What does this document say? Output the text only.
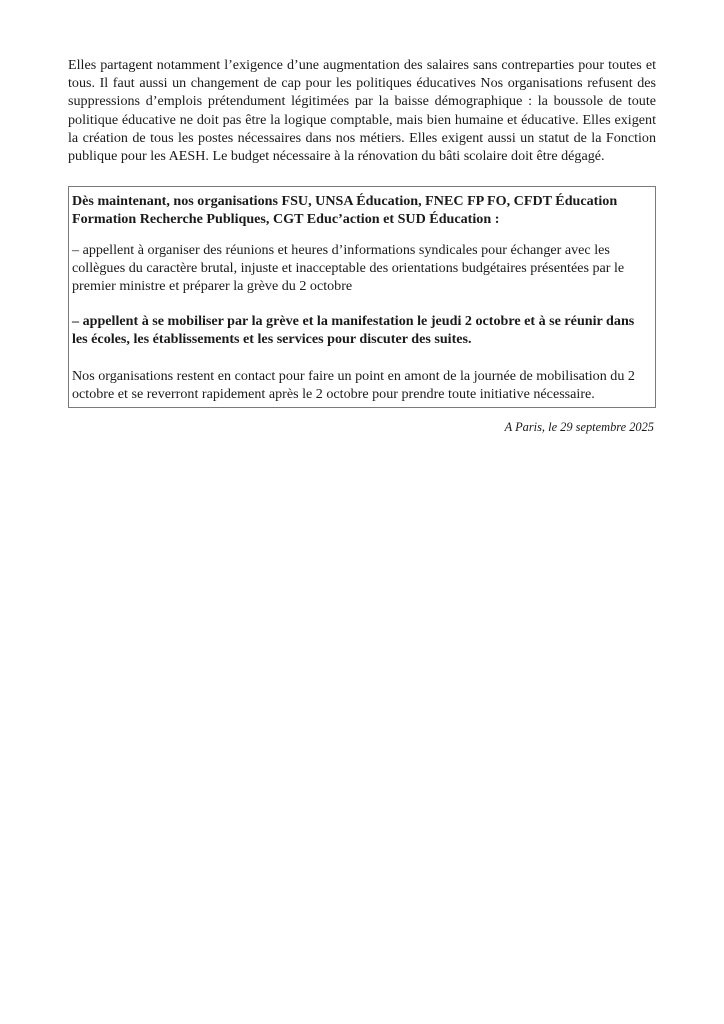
Elles partagent notamment l’exigence d’une augmentation des salaires sans contreparties pour toutes et tous. Il faut aussi un changement de cap pour les politiques éducatives Nos organisations refusent des suppressions d’emplois prétendument légitimées par la baisse démographique : la boussole de toute politique éducative ne doit pas être la logique comptable, mais bien humaine et éducative. Elles exigent la création de tous les postes nécessaires dans nos métiers. Elles exigent aussi un statut de la Fonction publique pour les AESH. Le budget nécessaire à la rénovation du bâti scolaire doit être dégagé.

Dès maintenant, nos organisations FSU, UNSA Éducation, FNEC FP FO, CFDT Éducation Formation Recherche Publiques, CGT Educ’action et SUD Éducation :

– appellent à organiser des réunions et heures d’informations syndicales pour échanger avec les collègues du caractère brutal, injuste et inacceptable des orientations budgétaires présentées par le premier ministre et préparer la grève du 2 octobre

– appellent à se mobiliser par la grève et la manifestation le jeudi 2 octobre et à se réunir dans les écoles, les établissements et les services pour discuter des suites.

Nos organisations restent en contact pour faire un point en amont de la journée de mobilisation du 2 octobre et se reverront rapidement après le 2 octobre pour prendre toute initiative nécessaire.

A Paris, le 29 septembre 2025
